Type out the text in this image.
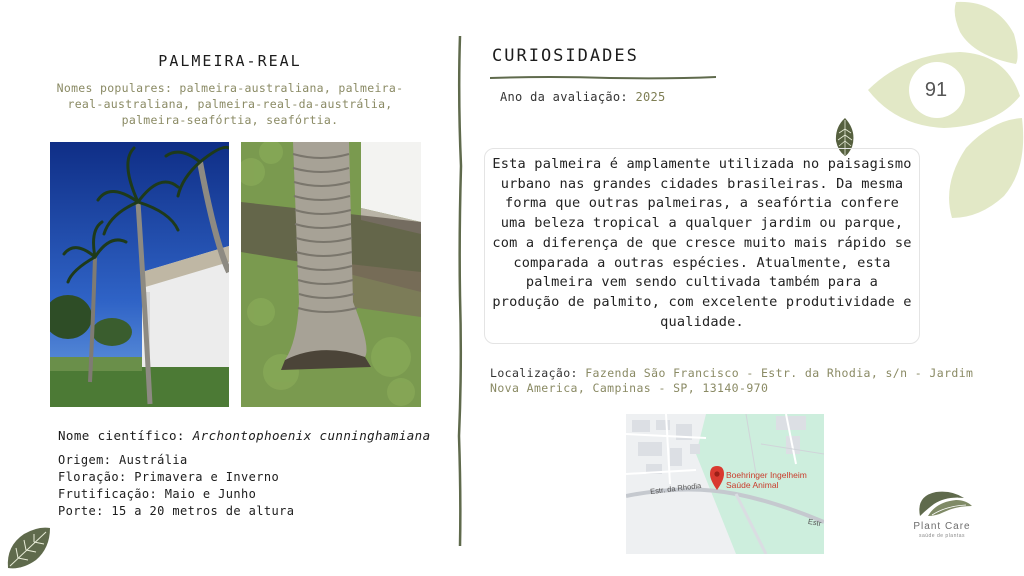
PALMEIRA-REAL
Nomes populares: palmeira-australiana, palmeira-real-australiana, palmeira-real-da-austrália, palmeira-seafórtia, seafórtia.
Nome científico: Archontophoenix cunninghamiana
Origem: Austrália
Floração: Primavera e Inverno
Frutificação: Maio e Junho
Porte: 15 a 20 metros de altura
CURIOSIDADES
Ano da avaliação: 2025
Esta palmeira é amplamente utilizada no paisagismo urbano nas grandes cidades brasileiras. Da mesma forma que outras palmeiras, a seafórtia confere uma beleza tropical a qualquer jardim ou parque, com a diferença de que cresce muito mais rápido se comparada a outras espécies. Atualmente, esta palmeira vem sendo cultivada também para a produção de palmito, com excelente produtividade e qualidade.
Localização: Fazenda São Francisco - Estr. da Rhodia, s/n - Jardim Nova America, Campinas - SP, 13140-970
Boehringer Ingelheim
Saúde Animal
Estr. da Rhodia
Estr
91
Plant Care
saúde de plantas
